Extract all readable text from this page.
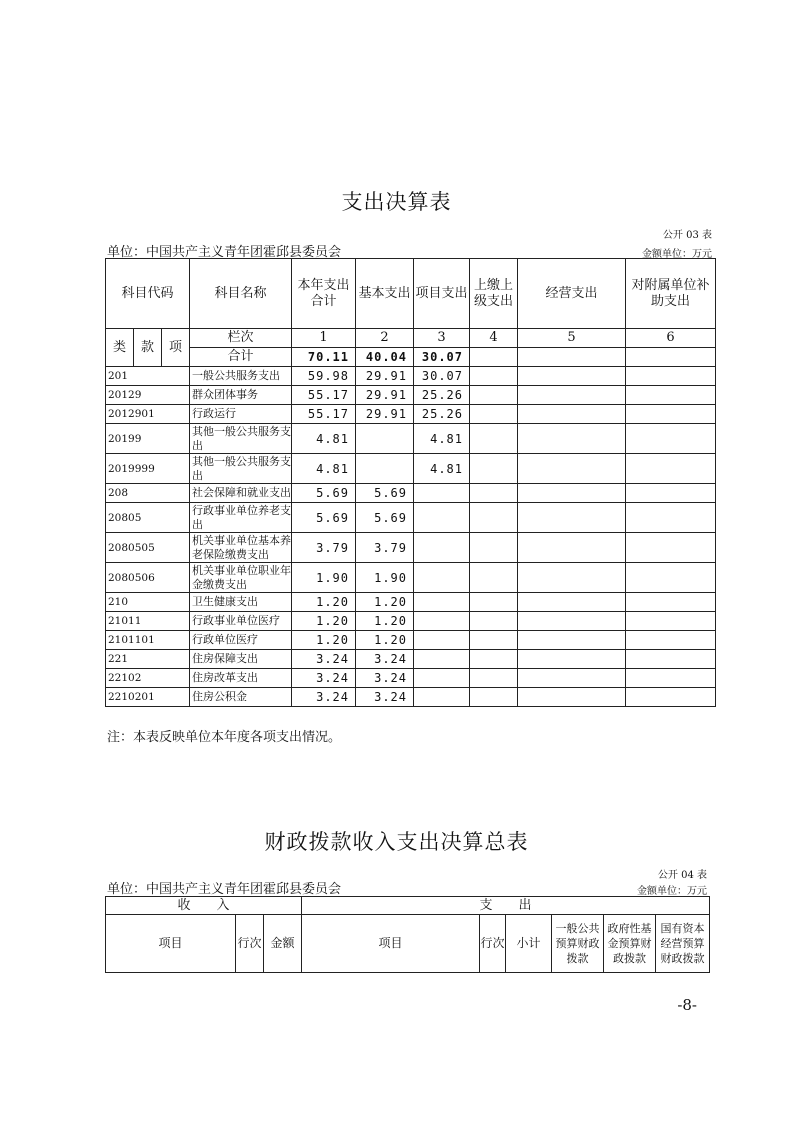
支出决算表
公开 03 表
单位：中国共产主义青年团霍邱县委员会	金额单位：万元
科目代码			科目名称	本年支出合计	基本支出	项目支出	上缴上级支出	经营支出	对附属单位补助支出
类	款	项	栏次	1	2	3	4	5	6
			合计	70.11	40.04	30.07			
201			一般公共服务支出	59.98	29.91	30.07			
20129			群众团体事务	55.17	29.91	25.26			
2012901			行政运行	55.17	29.91	25.26			
20199			其他一般公共服务支出	4.81		4.81			
2019999			其他一般公共服务支出	4.81		4.81			
208			社会保障和就业支出	5.69	5.69				
20805			行政事业单位养老支出	5.69	5.69				
2080505			机关事业单位基本养老保险缴费支出	3.79	3.79				
2080506			机关事业单位职业年金缴费支出	1.90	1.90				
210			卫生健康支出	1.20	1.20				
21011			行政事业单位医疗	1.20	1.20				
2101101			行政单位医疗	1.20	1.20				
221			住房保障支出	3.24	3.24				
22102			住房改革支出	3.24	3.24				
2210201			住房公积金	3.24	3.24				
注：本表反映单位本年度各项支出情况。
财政拨款收入支出决算总表
公开 04 表
单位：中国共产主义青年团霍邱县委员会	金额单位：万元
收　　入			支　　出					
项目	行次	金额	项目	行次	小计	一般公共预算财政拨款	政府性基金预算财政拨款	国有资本经营预算财政拨款
-8-
